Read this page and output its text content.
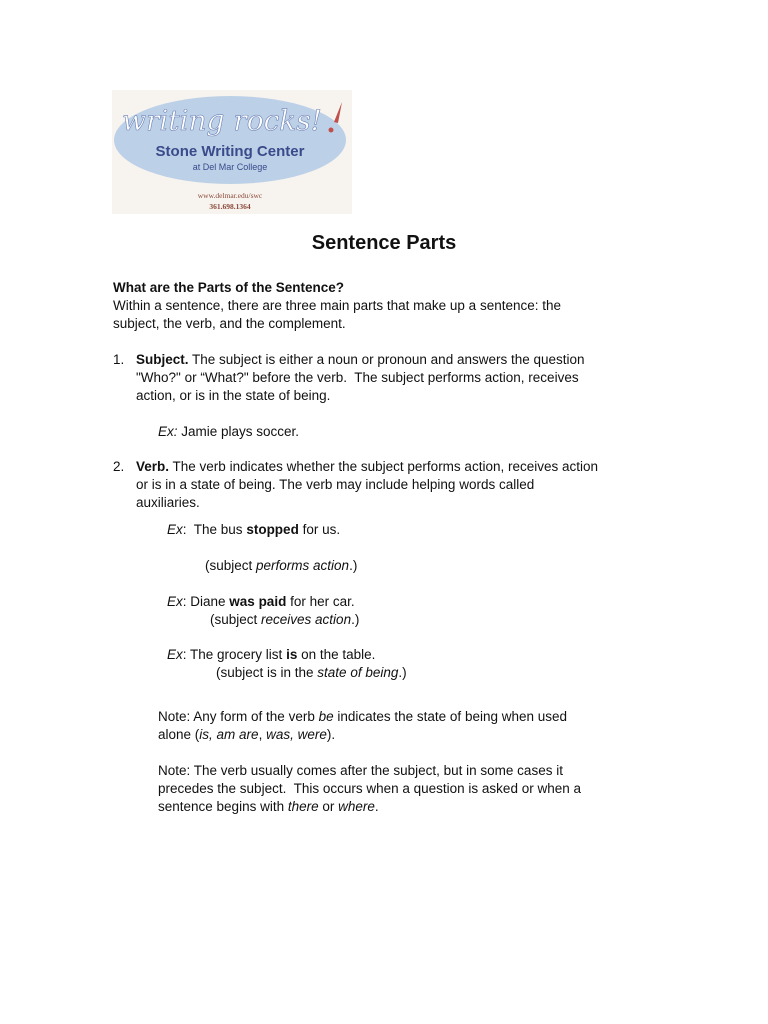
writing rocks!
Stone Writing Center
at Del Mar College
www.delmar.edu/swc
361.698.1364
Sentence Parts
What are the Parts of the Sentence?
Within a sentence, there are three main parts that make up a sentence: the
subject, the verb, and the complement.
1. Subject. The subject is either a noun or pronoun and answers the question
"Who?" or “What?" before the verb.  The subject performs action, receives
action, or is in the state of being.
Ex: Jamie plays soccer.
2. Verb. The verb indicates whether the subject performs action, receives action
or is in a state of being. The verb may include helping words called
auxiliaries.
Ex:  The bus stopped for us.
(subject performs action.)
Ex: Diane was paid for her car.
(subject receives action.)
Ex: The grocery list is on the table.
(subject is in the state of being.)
Note: Any form of the verb be indicates the state of being when used
alone (is, am are, was, were).
Note: The verb usually comes after the subject, but in some cases it
precedes the subject.  This occurs when a question is asked or when a
sentence begins with there or where.
